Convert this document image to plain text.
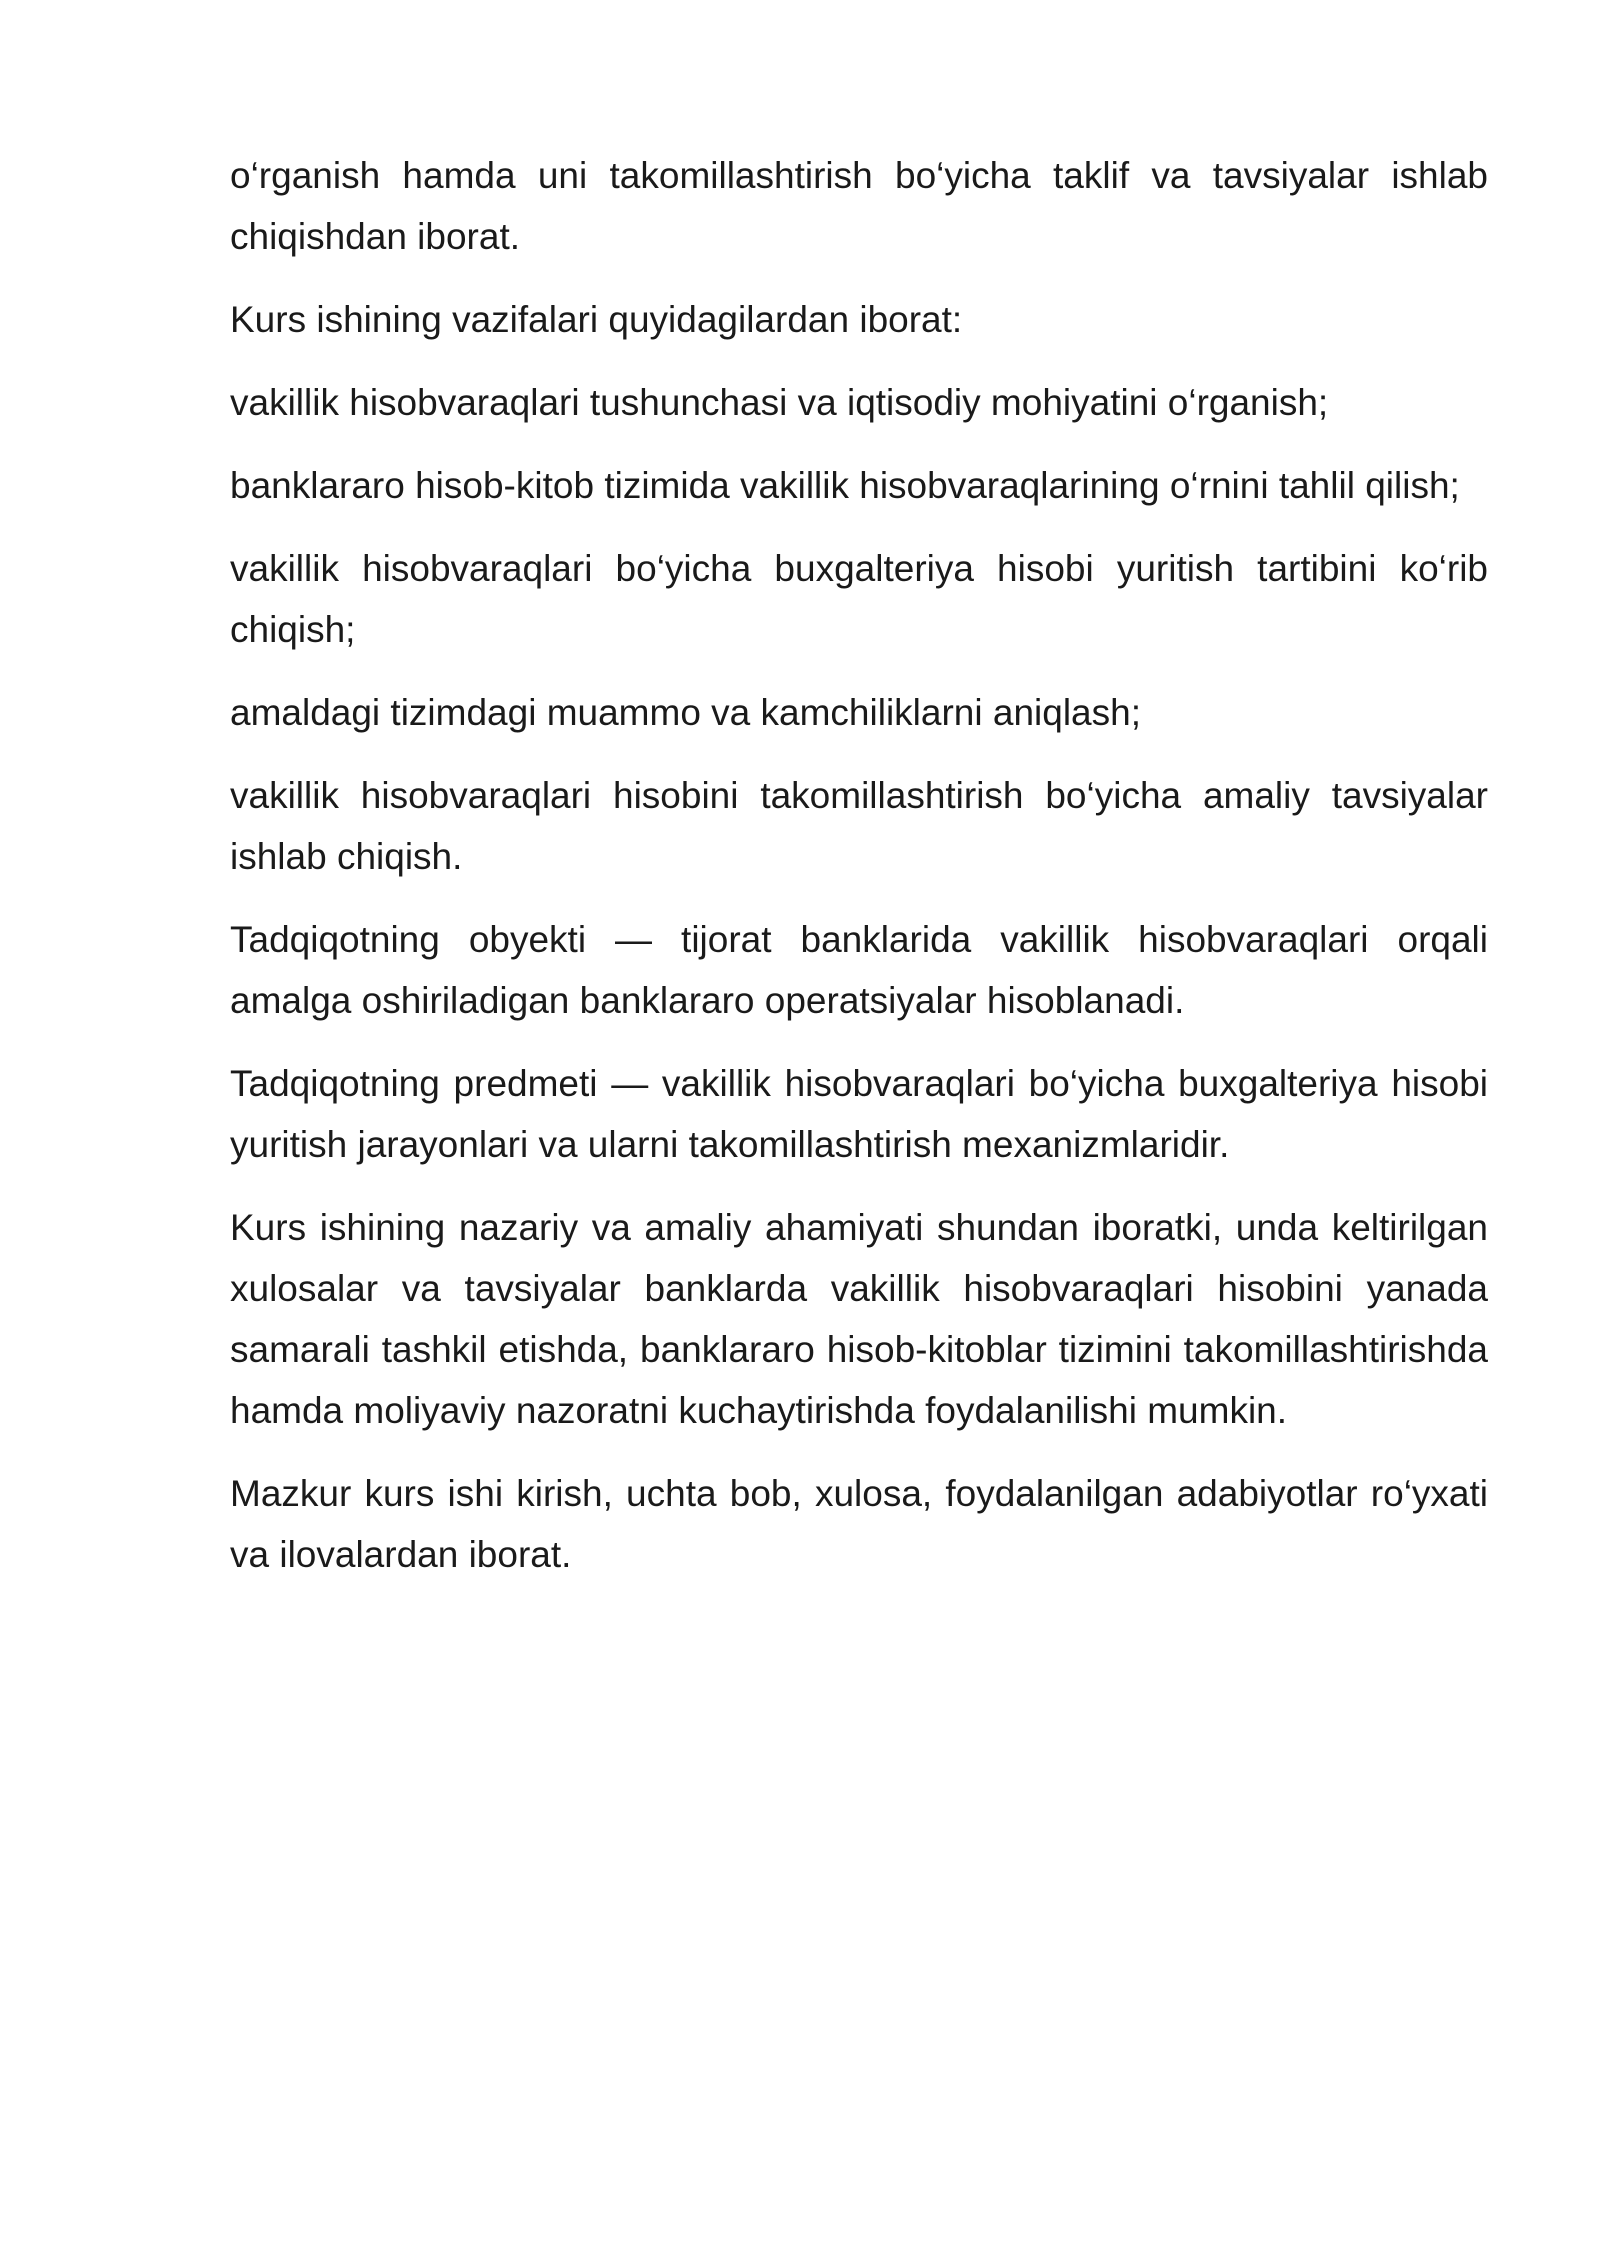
o‘rganish hamda uni takomillashtirish bo‘yicha taklif va tavsiyalar ishlab chiqishdan iborat.

Kurs ishining vazifalari quyidagilardan iborat:

vakillik hisobvaraqlari tushunchasi va iqtisodiy mohiyatini o‘rganish;

banklararo hisob-kitob tizimida vakillik hisobvaraqlarining o‘rnini tahlil qilish;

vakillik hisobvaraqlari bo‘yicha buxgalteriya hisobi yuritish tartibini ko‘rib chiqish;

amaldagi tizimdagi muammo va kamchiliklarni aniqlash;

vakillik hisobvaraqlari hisobini takomillashtirish bo‘yicha amaliy tavsiyalar ishlab chiqish.

Tadqiqotning obyekti — tijorat banklarida vakillik hisobvaraqlari orqali amalga oshiriladigan banklararo operatsiyalar hisoblanadi.

Tadqiqotning predmeti — vakillik hisobvaraqlari bo‘yicha buxgalteriya hisobi yuritish jarayonlari va ularni takomillashtirish mexanizmlaridir.

Kurs ishining nazariy va amaliy ahamiyati shundan iboratki, unda keltirilgan xulosalar va tavsiyalar banklarda vakillik hisobvaraqlari hisobini yanada samarali tashkil etishda, banklararo hisob-kitoblar tizimini takomillashtirishda hamda moliyaviy nazoratni kuchaytirishda foydalanilishi mumkin.

Mazkur kurs ishi kirish, uchta bob, xulosa, foydalanilgan adabiyotlar ro‘yxati va ilovalardan iborat.
